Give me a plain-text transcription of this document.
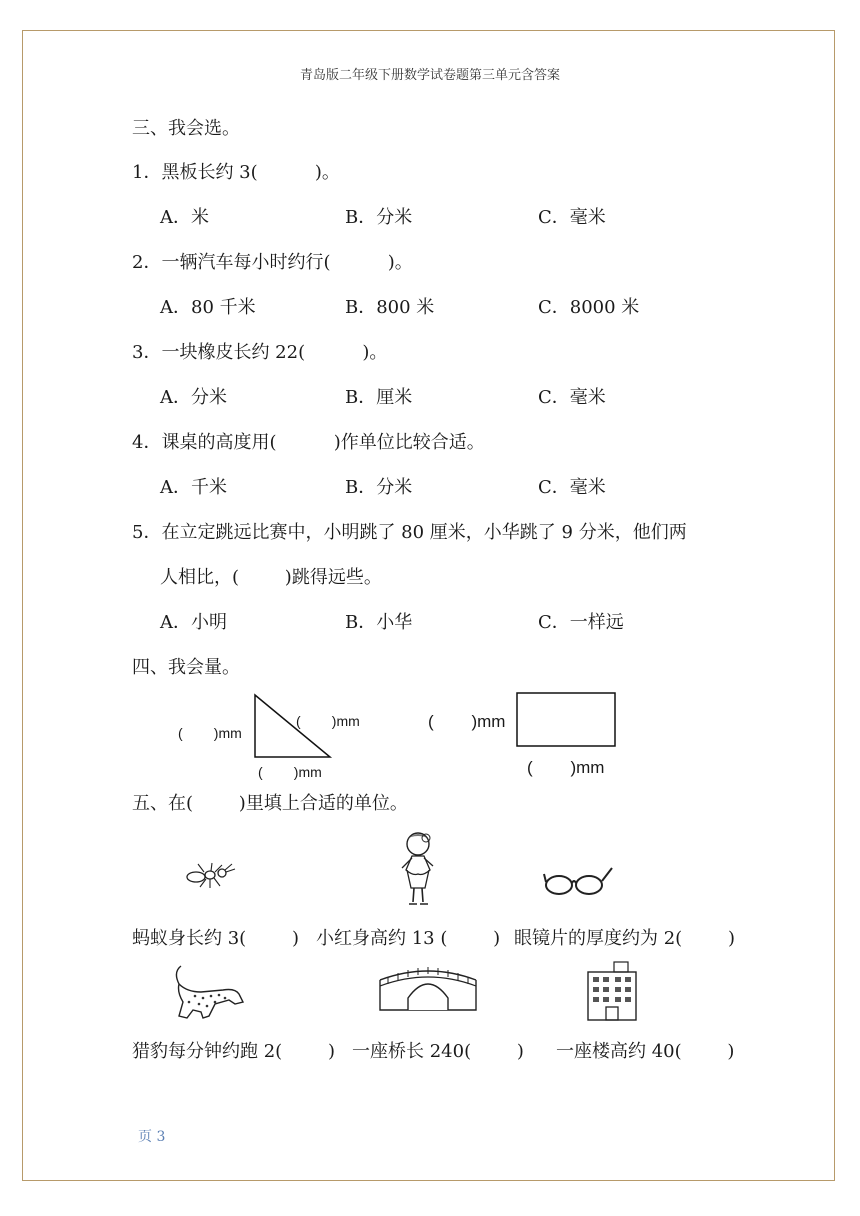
青岛版二年级下册数学试卷题第三单元含答案
三、我会选。
1．黑板长约 3(          )。
A．米	B．分米	C．毫米
2．一辆汽车每小时约行(          )。
A．80 千米	B．800 米	C．8000 米
3．一块橡皮长约 22(          )。
A．分米	B．厘米	C．毫米
4．课桌的高度用(          )作单位比较合适。
A．千米	B．分米	C．毫米
5．在立定跳远比赛中，小明跳了 80 厘米，小华跳了 9 分米，他们两
人相比，(        )跳得远些。
A．小明	B．小华	C．一样远
四、我会量。
(        )mm
(        )mm
(        )mm
(        )mm
(        )mm
五、在(        )里填上合适的单位。
蚂蚁身长约 3(        ) 小红身高约 13 (        ) 眼镜片的厚度约为 2(        )
猎豹每分钟约跑 2(        ) 一座桥长 240(        ) 一座楼高约 40(        )
页 3
